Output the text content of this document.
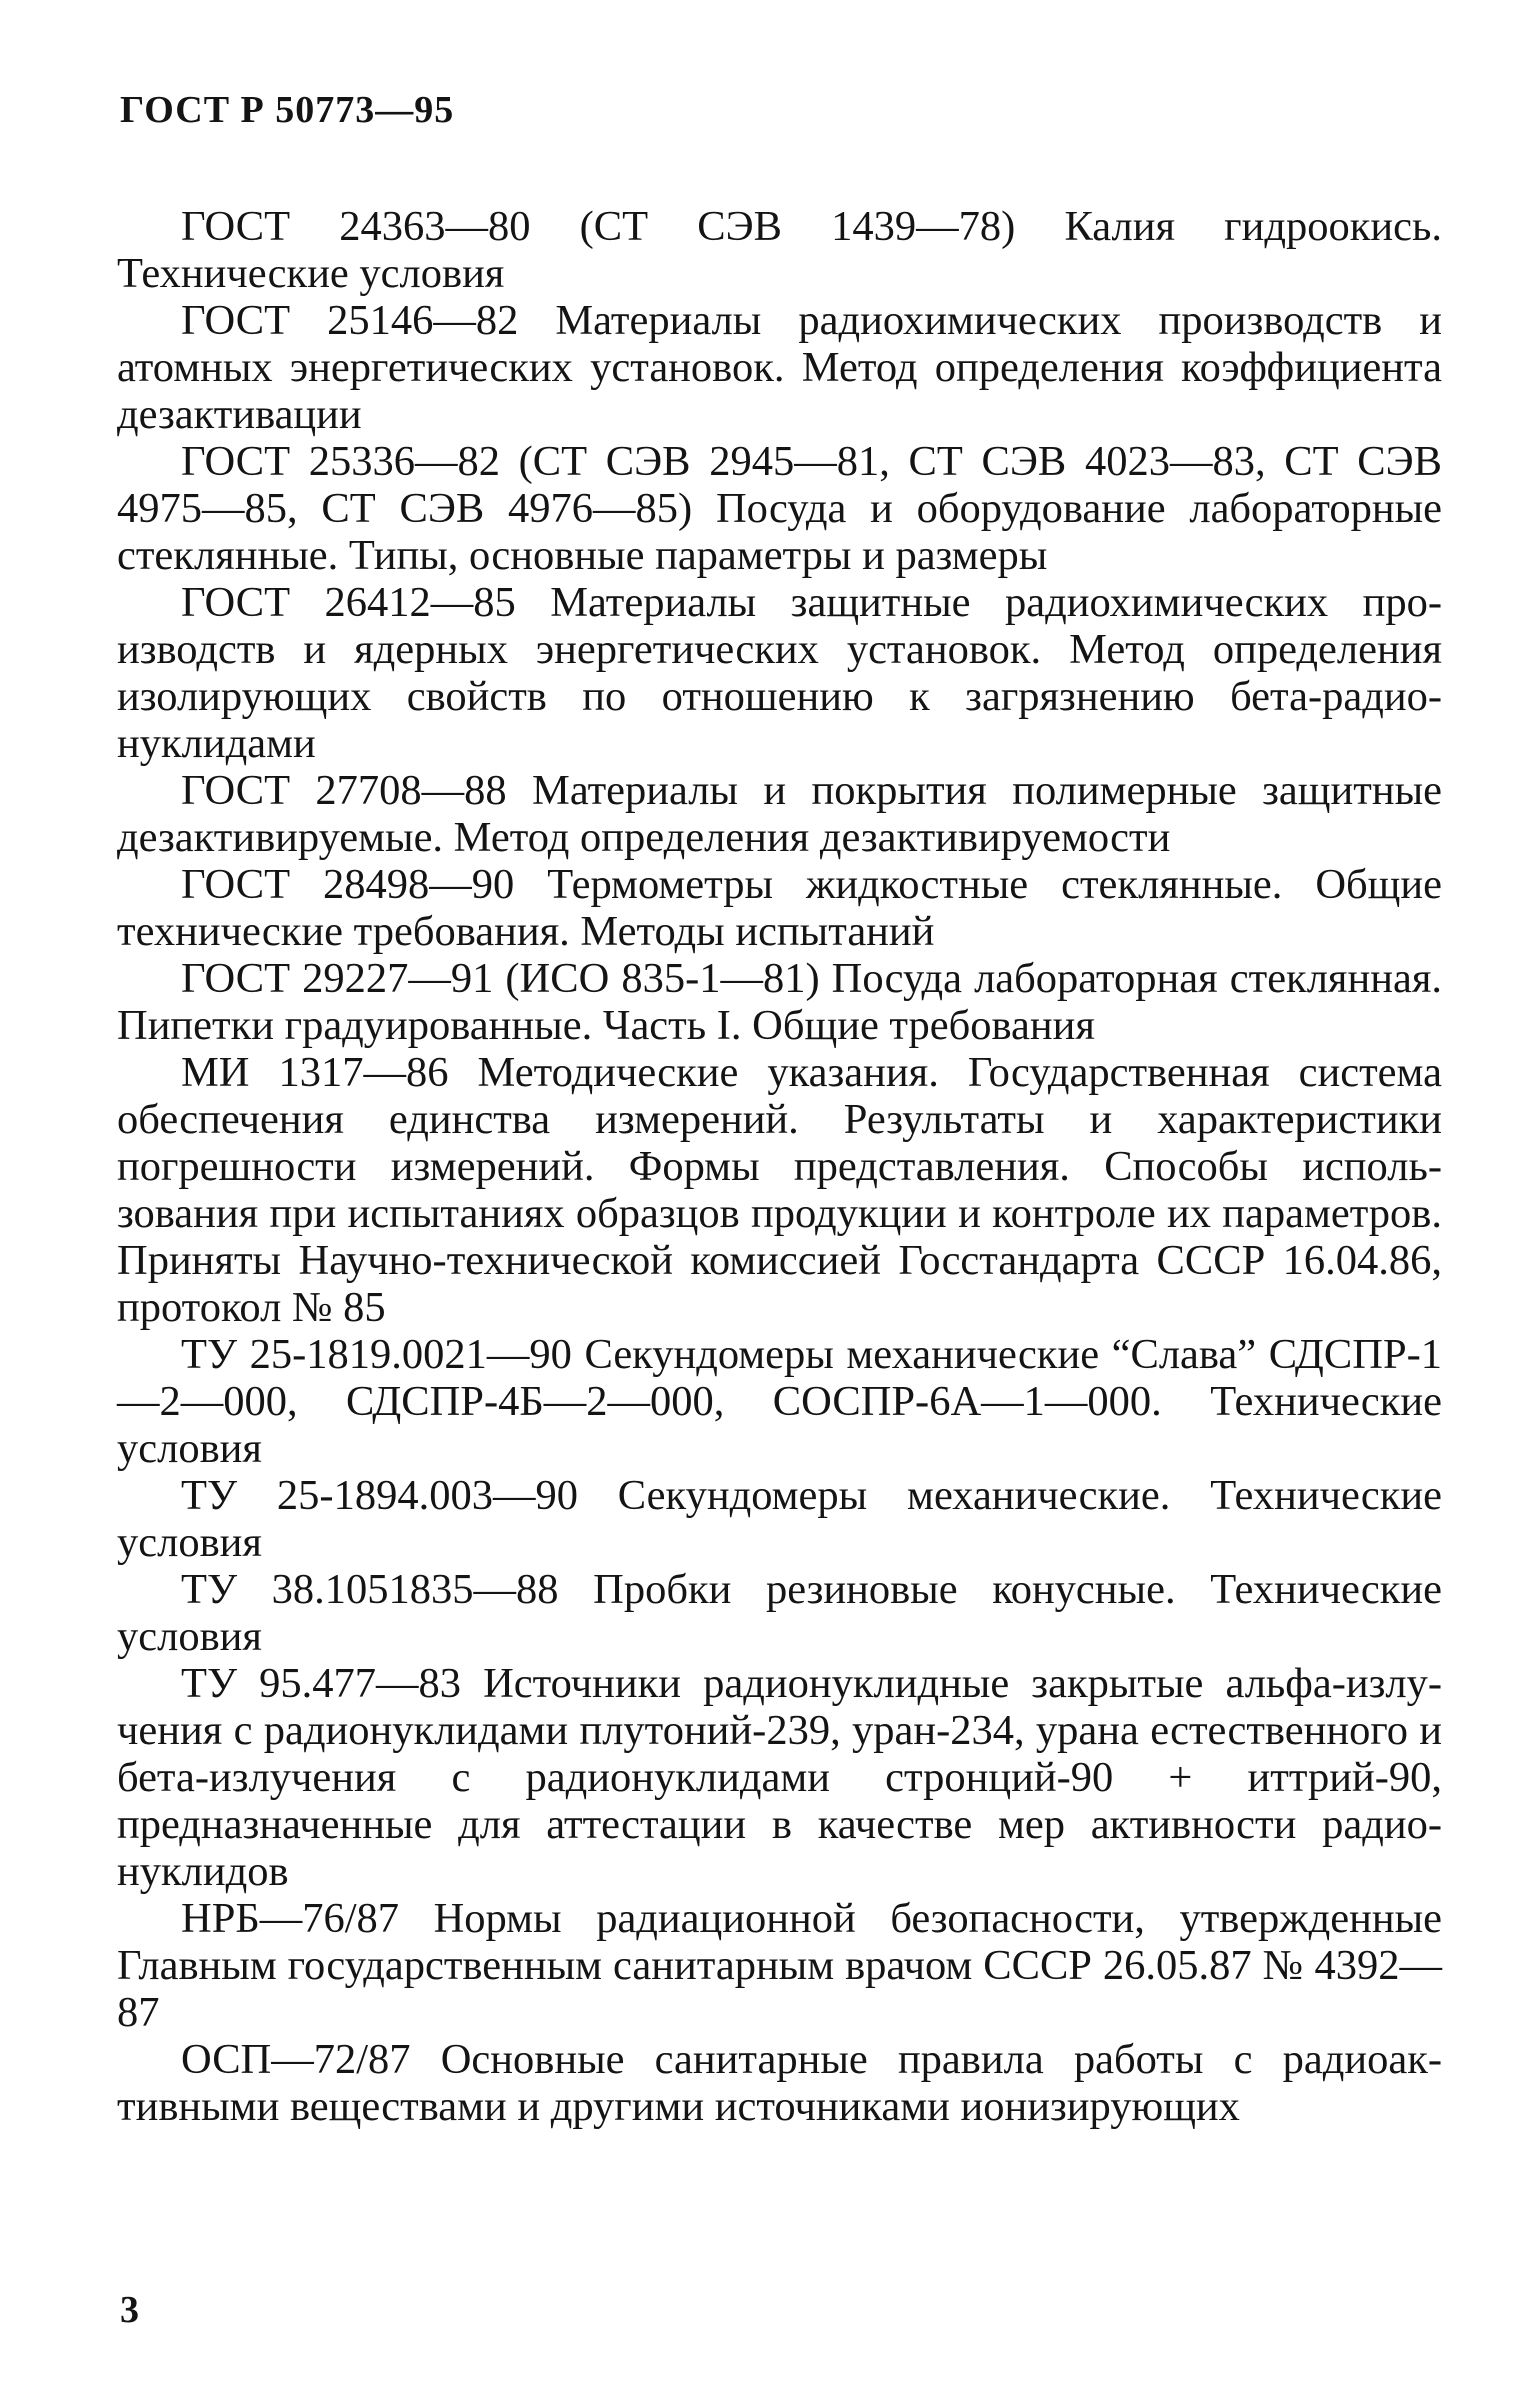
ГОСТ Р 50773—95

ГОСТ 24363—80 (СТ СЭВ 1439—78) Калия гидроокись. Технические условия

ГОСТ 25146—82 Материалы радиохимических производств и атомных энергетических установок. Метод определения коэффициента дезактивации

ГОСТ 25336—82 (СТ СЭВ 2945—81, СТ СЭВ 4023—83, СТ СЭВ 4975—85, СТ СЭВ 4976—85) Посуда и оборудование лабораторные стеклянные. Типы, основные параметры и размеры

ГОСТ 26412—85 Материалы защитные радиохимических производств и ядерных энергетических установок. Метод определения изолирующих свойств по отношению к загрязнению бета-радионуклидами

ГОСТ 27708—88 Материалы и покрытия полимерные защитные дезактивируемые. Метод определения дезактивируемости

ГОСТ 28498—90 Термометры жидкостные стеклянные. Общие технические требования. Методы испытаний

ГОСТ 29227—91 (ИСО 835-1—81) Посуда лабораторная стеклянная. Пипетки градуированные. Часть I. Общие требования

МИ 1317—86 Методические указания. Государственная система обеспечения единства измерений. Результаты и характеристики погрешности измерений. Формы представления. Способы использования при испытаниях образцов продукции и контроле их параметров. Приняты Научно-технической комиссией Госстандарта СССР 16.04.86, протокол № 85

ТУ 25-1819.0021—90 Секундомеры механические “Слава” СДСПР-1—2—000, СДСПР-4Б—2—000, СОСПР-6А—1—000. Технические условия

ТУ 25-1894.003—90 Секундомеры механические. Технические условия

ТУ 38.1051835—88 Пробки резиновые конусные. Технические условия

ТУ 95.477—83 Источники радионуклидные закрытые альфа-излучения с радионуклидами плутоний-239, уран-234, урана естественного и бета-излучения с радионуклидами стронций-90 + иттрий-90, предназначенные для аттестации в качестве мер активности радионуклидов

НРБ—76/87 Нормы радиационной безопасности, утвержденные Главным государственным санитарным врачом СССР 26.05.87 № 4392—87

ОСП—72/87 Основные санитарные правила работы с радиоактивными веществами и другими источниками ионизирующих

3
